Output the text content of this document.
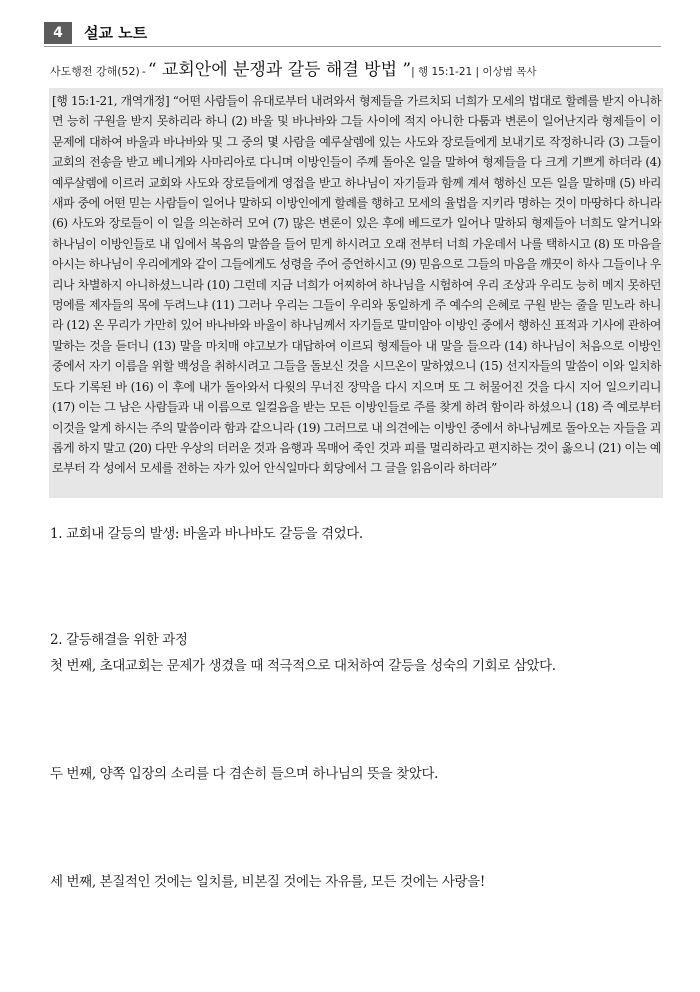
4	설교 노트
사도행전 강해(52) - “ 교회안에 분쟁과 갈등 해결 방법 ”| 행 15:1-21 | 이상범 목사
[행 15:1-21, 개역개정] “어떤 사람들이 유대로부터 내려와서 형제들을 가르치되 너희가 모세의 법대로 할례를 받지 아니하면 능히 구원을 받지 못하리라 하니 (2) 바울 및 바나바와 그들 사이에 적지 아니한 다툼과 변론이 일어난지라 형제들이 이 문제에 대하여 바울과 바나바와 및 그 중의 몇 사람을 예루살렘에 있는 사도와 장로들에게 보내기로 작정하니라 (3) 그들이 교회의 전송을 받고 베니게와 사마리아로 다니며 이방인들이 주께 돌아온 일을 말하여 형제들을 다 크게 기쁘게 하더라 (4) 예루살렘에 이르러 교회와 사도와 장로들에게 영접을 받고 하나님이 자기들과 함께 계셔 행하신 모든 일을 말하매 (5) 바리새파 중에 어떤 믿는 사람들이 일어나 말하되 이방인에게 할례를 행하고 모세의 율법을 지키라 명하는 것이 마땅하다 하니라 (6) 사도와 장로들이 이 일을 의논하러 모여 (7) 많은 변론이 있은 후에 베드로가 일어나 말하되 형제들아 너희도 알거니와 하나님이 이방인들로 내 입에서 복음의 말씀을 들어 믿게 하시려고 오래 전부터 너희 가운데서 나를 택하시고 (8) 또 마음을 아시는 하나님이 우리에게와 같이 그들에게도 성령을 주어 증언하시고 (9) 믿음으로 그들의 마음을 깨끗이 하사 그들이나 우리나 차별하지 아니하셨느니라 (10) 그런데 지금 너희가 어찌하여 하나님을 시험하여 우리 조상과 우리도 능히 메지 못하던 멍에를 제자들의 목에 두려느냐 (11) 그러나 우리는 그들이 우리와 동일하게 주 예수의 은혜로 구원 받는 줄을 믿노라 하니라 (12) 온 무리가 가만히 있어 바나바와 바울이 하나님께서 자기들로 말미암아 이방인 중에서 행하신 표적과 기사에 관하여 말하는 것을 듣더니 (13) 말을 마치매 야고보가 대답하여 이르되 형제들아 내 말을 들으라 (14) 하나님이 처음으로 이방인 중에서 자기 이름을 위할 백성을 취하시려고 그들을 돌보신 것을 시므온이 말하였으니 (15) 선지자들의 말씀이 이와 일치하도다 기록된 바 (16) 이 후에 내가 돌아와서 다윗의 무너진 장막을 다시 지으며 또 그 허물어진 것을 다시 지어 일으키리니 (17) 이는 그 남은 사람들과 내 이름으로 일컬음을 받는 모든 이방인들로 주를 찾게 하려 함이라 하셨으니 (18) 즉 예로부터 이것을 알게 하시는 주의 말씀이라 함과 같으니라 (19) 그러므로 내 의견에는 이방인 중에서 하나님께로 돌아오는 자들을 괴롭게 하지 말고 (20) 다만 우상의 더러운 것과 음행과 목매어 죽인 것과 피를 멀리하라고 편지하는 것이 옳으니 (21) 이는 예로부터 각 성에서 모세를 전하는 자가 있어 안식일마다 회당에서 그 글을 읽음이라 하더라”
1. 교회내 갈등의 발생: 바울과 바나바도 갈등을 겪었다.
2. 갈등해결을 위한 과정
첫 번째, 초대교회는 문제가 생겼을 때 적극적으로 대처하여 갈등을 성숙의 기회로 삼았다.
두 번째, 양쪽 입장의 소리를 다 겸손히 들으며 하나님의 뜻을 찾았다.
세 번째, 본질적인 것에는 일치를, 비본질 것에는 자유를, 모든 것에는 사랑을!
